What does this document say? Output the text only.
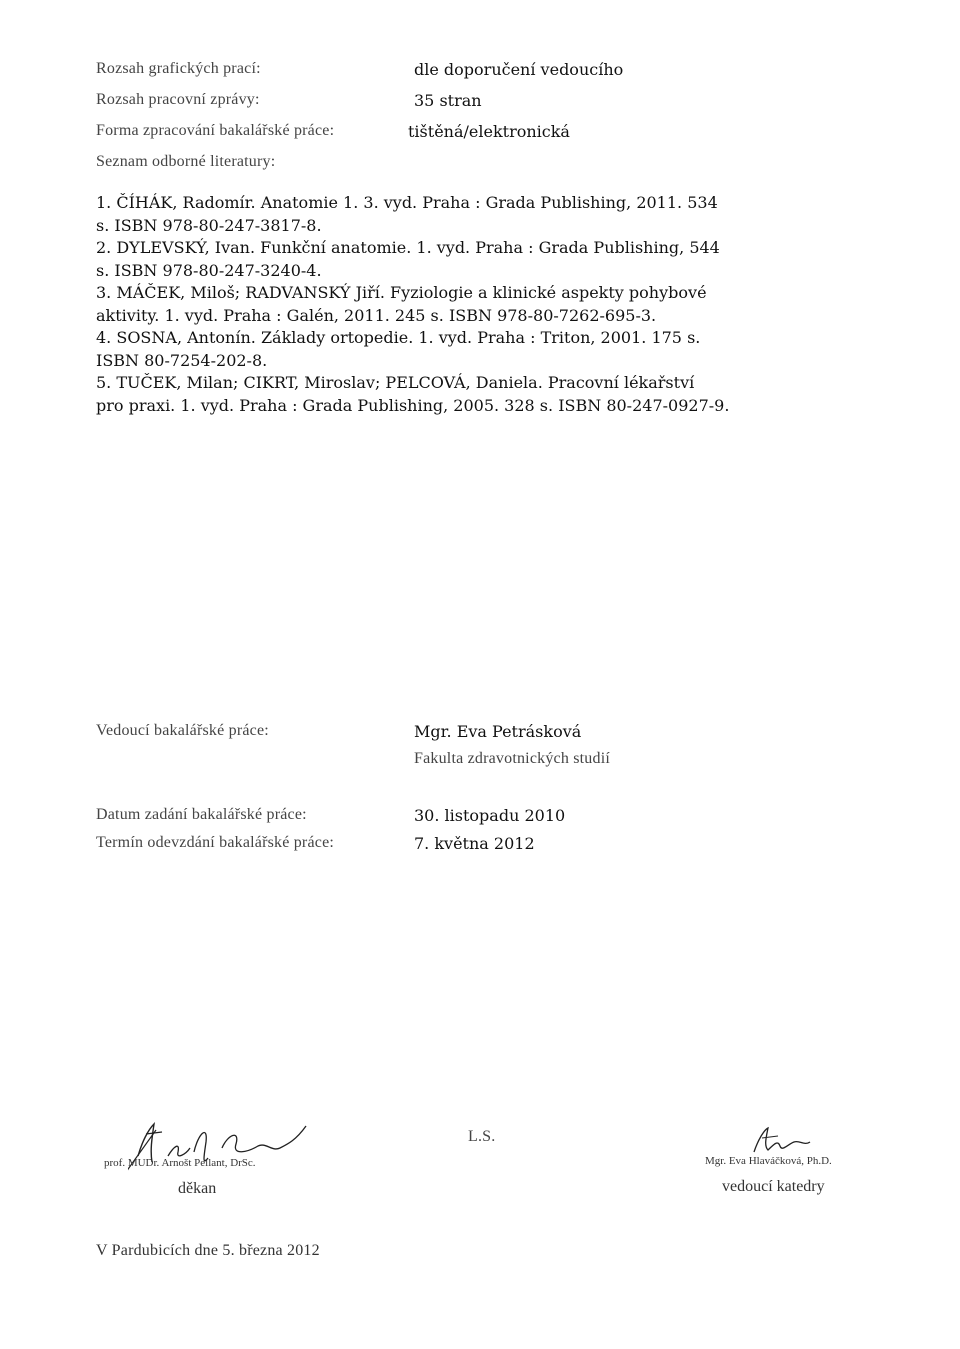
Rozsah grafických prací:	dle doporučení vedoucího
Rozsah pracovní zprávy:	35 stran
Forma zpracování bakalářské práce:	tištěná/elektronická
Seznam odborné literatury:
1. ČÍHÁK, Radomír. Anatomie 1. 3. vyd. Praha : Grada Publishing, 2011. 534
s. ISBN 978-80-247-3817-8.
2. DYLEVSKÝ, Ivan. Funkční anatomie. 1. vyd. Praha : Grada Publishing, 544
s. ISBN 978-80-247-3240-4.
3. MÁČEK, Miloš; RADVANSKÝ Jiří. Fyziologie a klinické aspekty pohybové
aktivity. 1. vyd. Praha : Galén, 2011. 245 s. ISBN 978-80-7262-695-3.
4. SOSNA, Antonín. Základy ortopedie. 1. vyd. Praha : Triton, 2001. 175 s.
ISBN 80-7254-202-8.
5. TUČEK, Milan; CIKRT, Miroslav; PELCOVÁ, Daniela. Pracovní lékařství
pro praxi. 1. vyd. Praha : Grada Publishing, 2005. 328 s. ISBN 80-247-0927-9.
Vedoucí bakalářské práce:	Mgr. Eva Petrásková
Fakulta zdravotnických studií
Datum zadání bakalářské práce:	30. listopadu 2010
Termín odevzdání bakalářské práce:	7. května 2012
prof. MUDr. Arnošt Pellant, DrSc.
děkan
L.S.
Mgr. Eva Hlaváčková, Ph.D.
vedoucí katedry
V Pardubicích dne 5. března 2012
